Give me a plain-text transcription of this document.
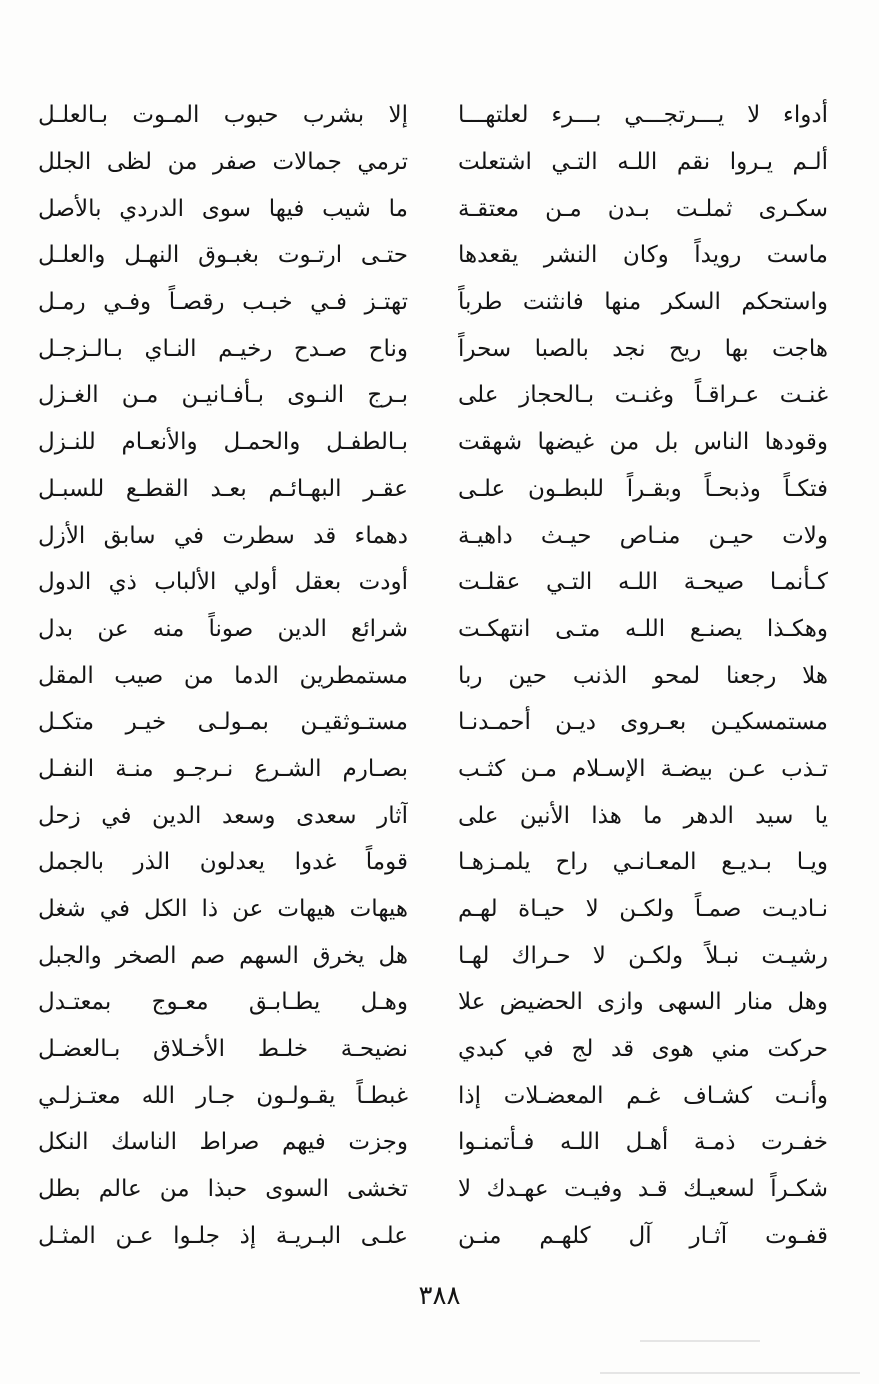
أدواء لا يـــرتجـــي بـــرء لعلتهـــا
إلا بشرب حبوب المـوت بـالعلـل
ألـم يـروا نقم اللـه التـي اشتعلت
ترمي جمالات صفر من لظى الجلل
سكـرى ثملـت بـدن مـن معتقـة
ما شيب فيها سوى الدردي بالأصل
ماست رويداً وكان النشر يقعدها
حتـى ارتـوت بغبـوق النهـل والعلـل
واستحكم السكر منها فانثنت طرباً
تهتـز فـي خبـب رقصـاً وفـي رمـل
هاجت بها ريح نجد بالصبا سحراً
وناح صـدح رخيـم النـاي بـالـزجـل
غنـت عـراقـاً وغنـت بـالحجاز على
بـرج النـوى بـأفـانيـن مـن الغـزل
وقودها الناس بل من غيضها شهقت
بـالطفـل والحمـل والأنعـام للنـزل
فتكـاً وذبحـاً وبقـراً للبطـون علـى
عقـر البهـائـم بعـد القطـع للسبـل
ولات حيـن منـاص حيـث داهيـة
دهماء قد سطرت في سابق الأزل
كـأنمـا صيحـة اللـه التـي عقلـت
أودت بعقل أولي الألباب ذي الدول
وهكـذا يصنـع اللـه متـى انتهكـت
شرائع الدين صوناً منه عن بدل
هلا رجعنا لمحو الذنب حين ربا
مستمطرين الدما من صيب المقل
مستمسكيـن بعـروى ديـن أحمـدنـا
مستـوثقيـن بمـولـى خيـر متكـل
تـذب عـن بيضـة الإسـلام مـن كثـب
بصـارم الشـرع نـرجـو منـة النفـل
يا سيد الدهر ما هذا الأنين على
آثار سعدى وسعد الدين في زحل
ويـا بـديـع المعـانـي راح يلمـزهـا
قوماً غدوا يعدلون الذر بالجمل
نـاديـت صمـاً ولكـن لا حيـاة لهـم
هيهات هيهات عن ذا الكل في شغل
رشيـت نبـلاً ولكـن لا حـراك لهـا
هل يخرق السهم صم الصخر والجبل
وهل منار السهى وازى الحضيض علا
وهـل يطـابـق معـوج بمعتـدل
حركت مني هوى قد لج في كبدي
نضيحـة خلـط الأخـلاق بـالعضـل
وأنـت كشـاف غـم المعضـلات إذا
غبطـاً يقـولـون جـار الله معتـزلـي
خفـرت ذمـة أهـل اللـه فـأتمنـوا
وجزت فيهم صراط الناسك النكل
شكـراً لسعيـك قـد وفيـت عهـدك لا
تخشى السوى حبذا من عالم بطل
قفـوت آثـار آل كلهـم منـن
علـى البـريـة إذ جلـوا عـن المثـل
٣٨٨
